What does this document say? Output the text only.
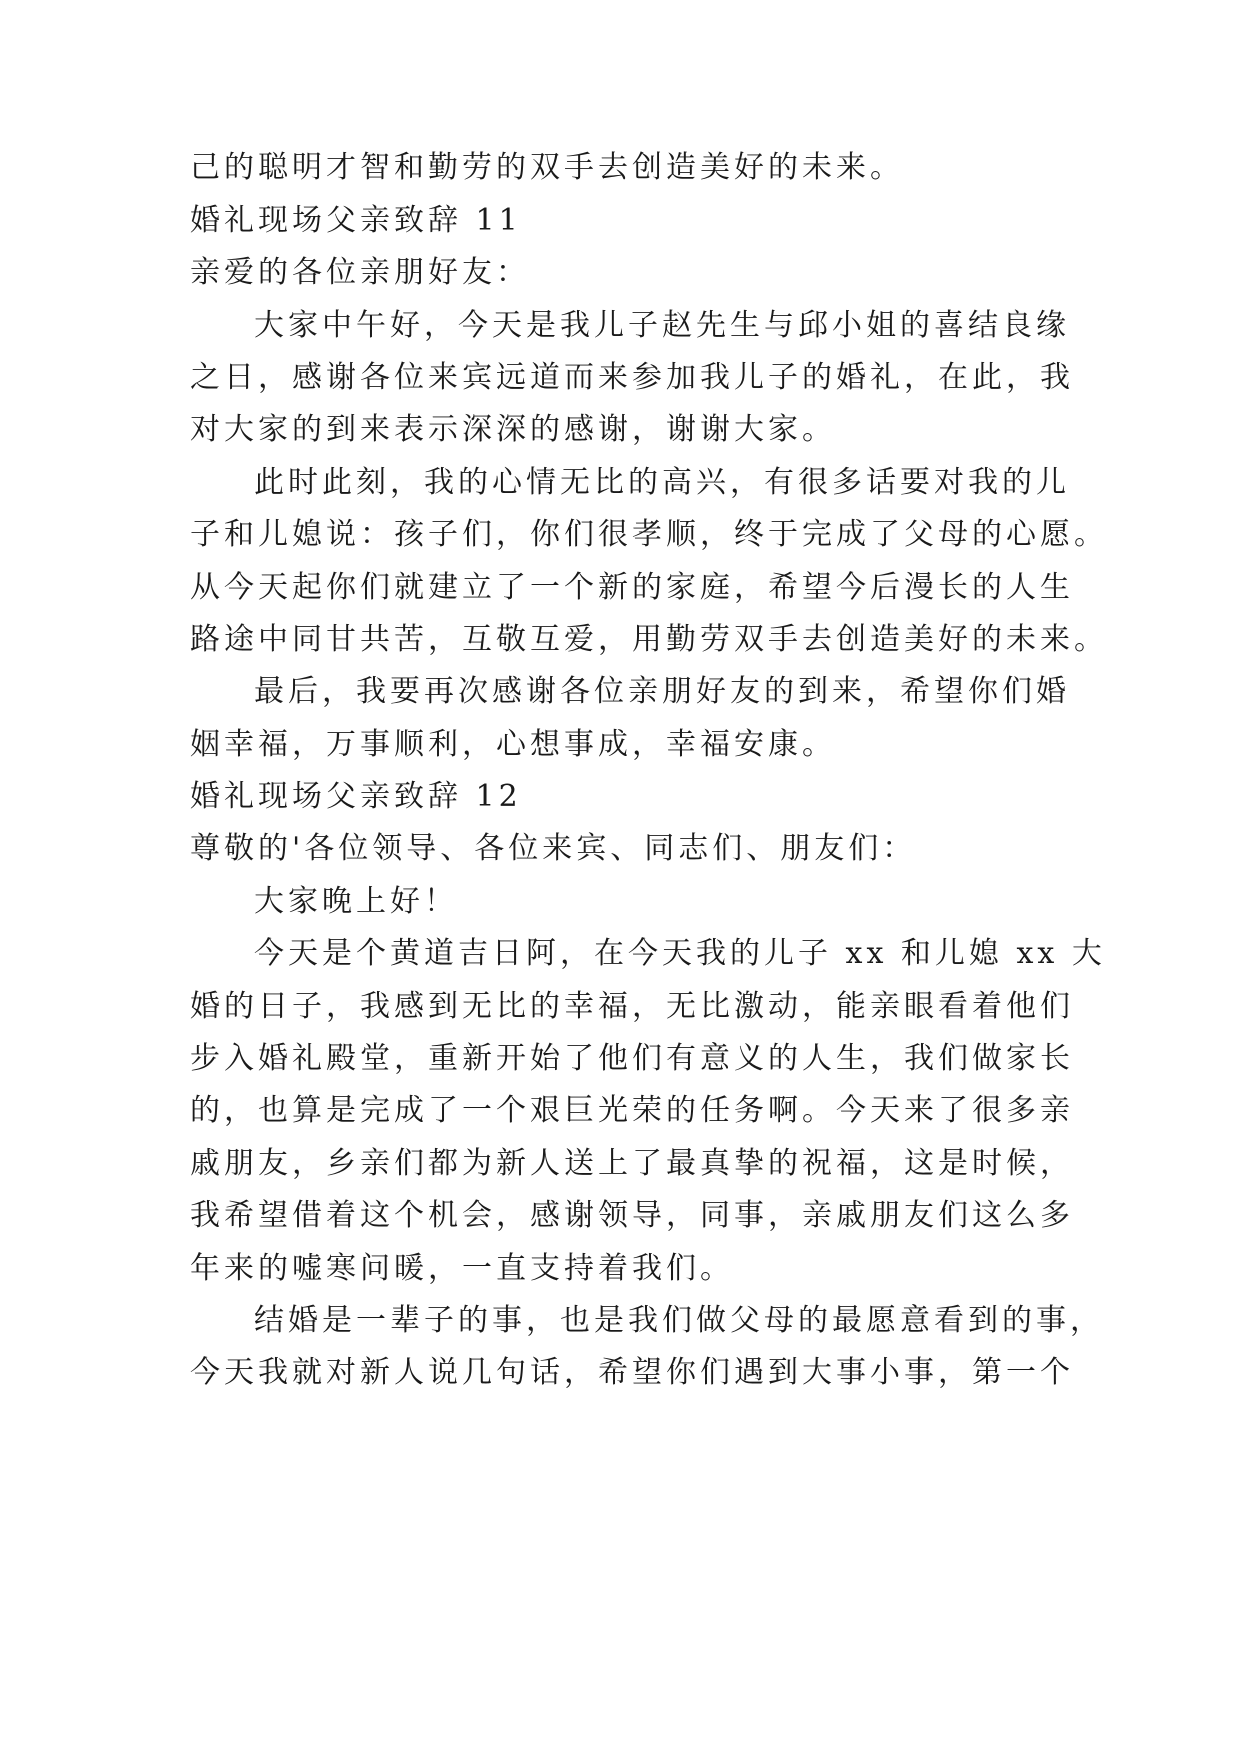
己的聪明才智和勤劳的双手去创造美好的未来。
婚礼现场父亲致辞 11
亲爱的各位亲朋好友：
大家中午好，今天是我儿子赵先生与邱小姐的喜结良缘
之日，感谢各位来宾远道而来参加我儿子的婚礼，在此，我
对大家的到来表示深深的感谢，谢谢大家。
此时此刻，我的心情无比的高兴，有很多话要对我的儿
子和儿媳说：孩子们，你们很孝顺，终于完成了父母的心愿。
从今天起你们就建立了一个新的家庭，希望今后漫长的人生
路途中同甘共苦，互敬互爱，用勤劳双手去创造美好的未来。
最后，我要再次感谢各位亲朋好友的到来，希望你们婚
姻幸福，万事顺利，心想事成，幸福安康。
婚礼现场父亲致辞 12
尊敬的'各位领导、各位来宾、同志们、朋友们：
大家晚上好！
今天是个黄道吉日阿，在今天我的儿子 xx 和儿媳 xx 大
婚的日子，我感到无比的幸福，无比激动，能亲眼看着他们
步入婚礼殿堂，重新开始了他们有意义的人生，我们做家长
的，也算是完成了一个艰巨光荣的任务啊。今天来了很多亲
戚朋友，乡亲们都为新人送上了最真挚的祝福，这是时候，
我希望借着这个机会，感谢领导，同事，亲戚朋友们这么多
年来的嘘寒问暖，一直支持着我们。
结婚是一辈子的事，也是我们做父母的最愿意看到的事，
今天我就对新人说几句话，希望你们遇到大事小事，第一个
